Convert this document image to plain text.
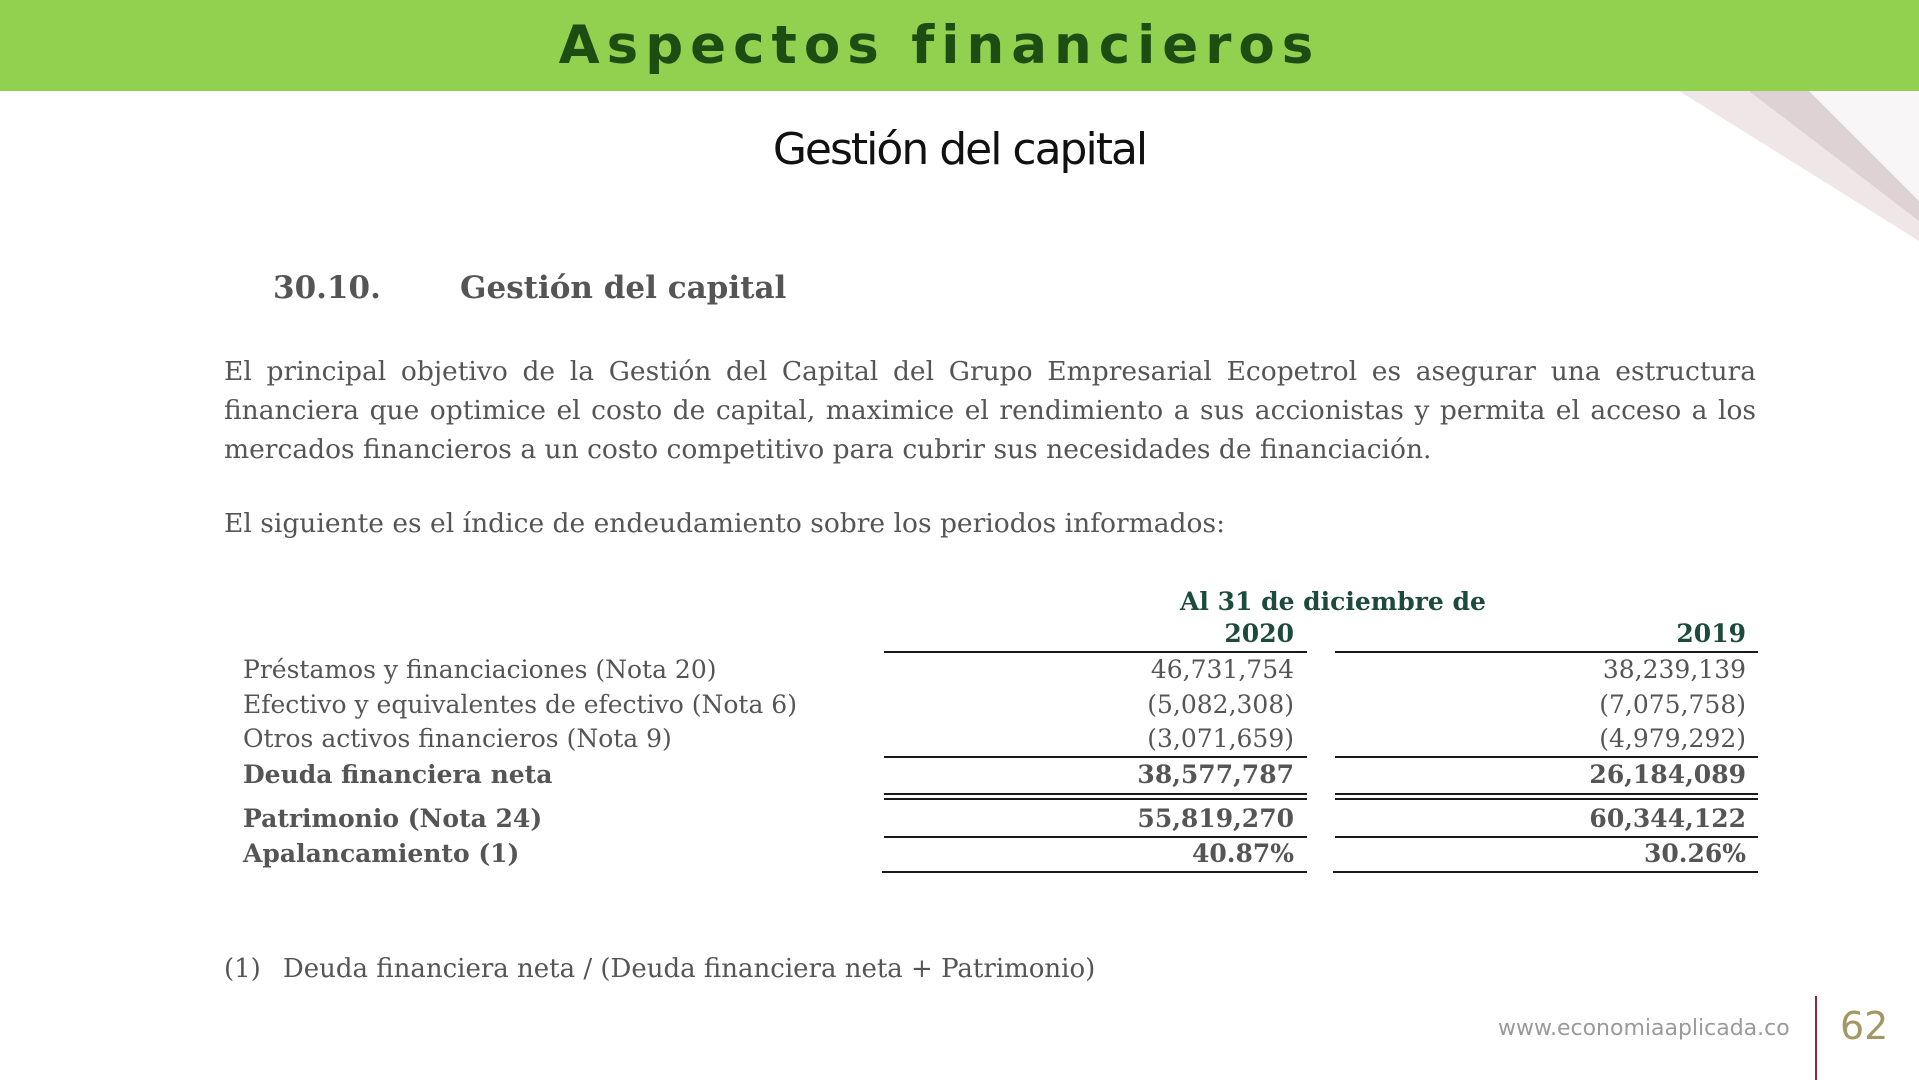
Aspectos financieros
Gestión del capital
30.10.	Gestión del capital
El principal objetivo de la Gestión del Capital del Grupo Empresarial Ecopetrol es asegurar una estructura financiera que optimice el costo de capital, maximice el rendimiento a sus accionistas y permita el acceso a los mercados financieros a un costo competitivo para cubrir sus necesidades de financiación.
El siguiente es el índice de endeudamiento sobre los periodos informados:
Al 31 de diciembre de
2020	2019
Préstamos y financiaciones (Nota 20)	46,731,754	38,239,139
Efectivo y equivalentes de efectivo (Nota 6)	(5,082,308)	(7,075,758)
Otros activos financieros (Nota 9)	(3,071,659)	(4,979,292)
Deuda financiera neta	38,577,787	26,184,089
Patrimonio (Nota 24)	55,819,270	60,344,122
Apalancamiento (1)	40.87%	30.26%
(1) Deuda financiera neta / (Deuda financiera neta + Patrimonio)
www.economiaaplicada.co 62
